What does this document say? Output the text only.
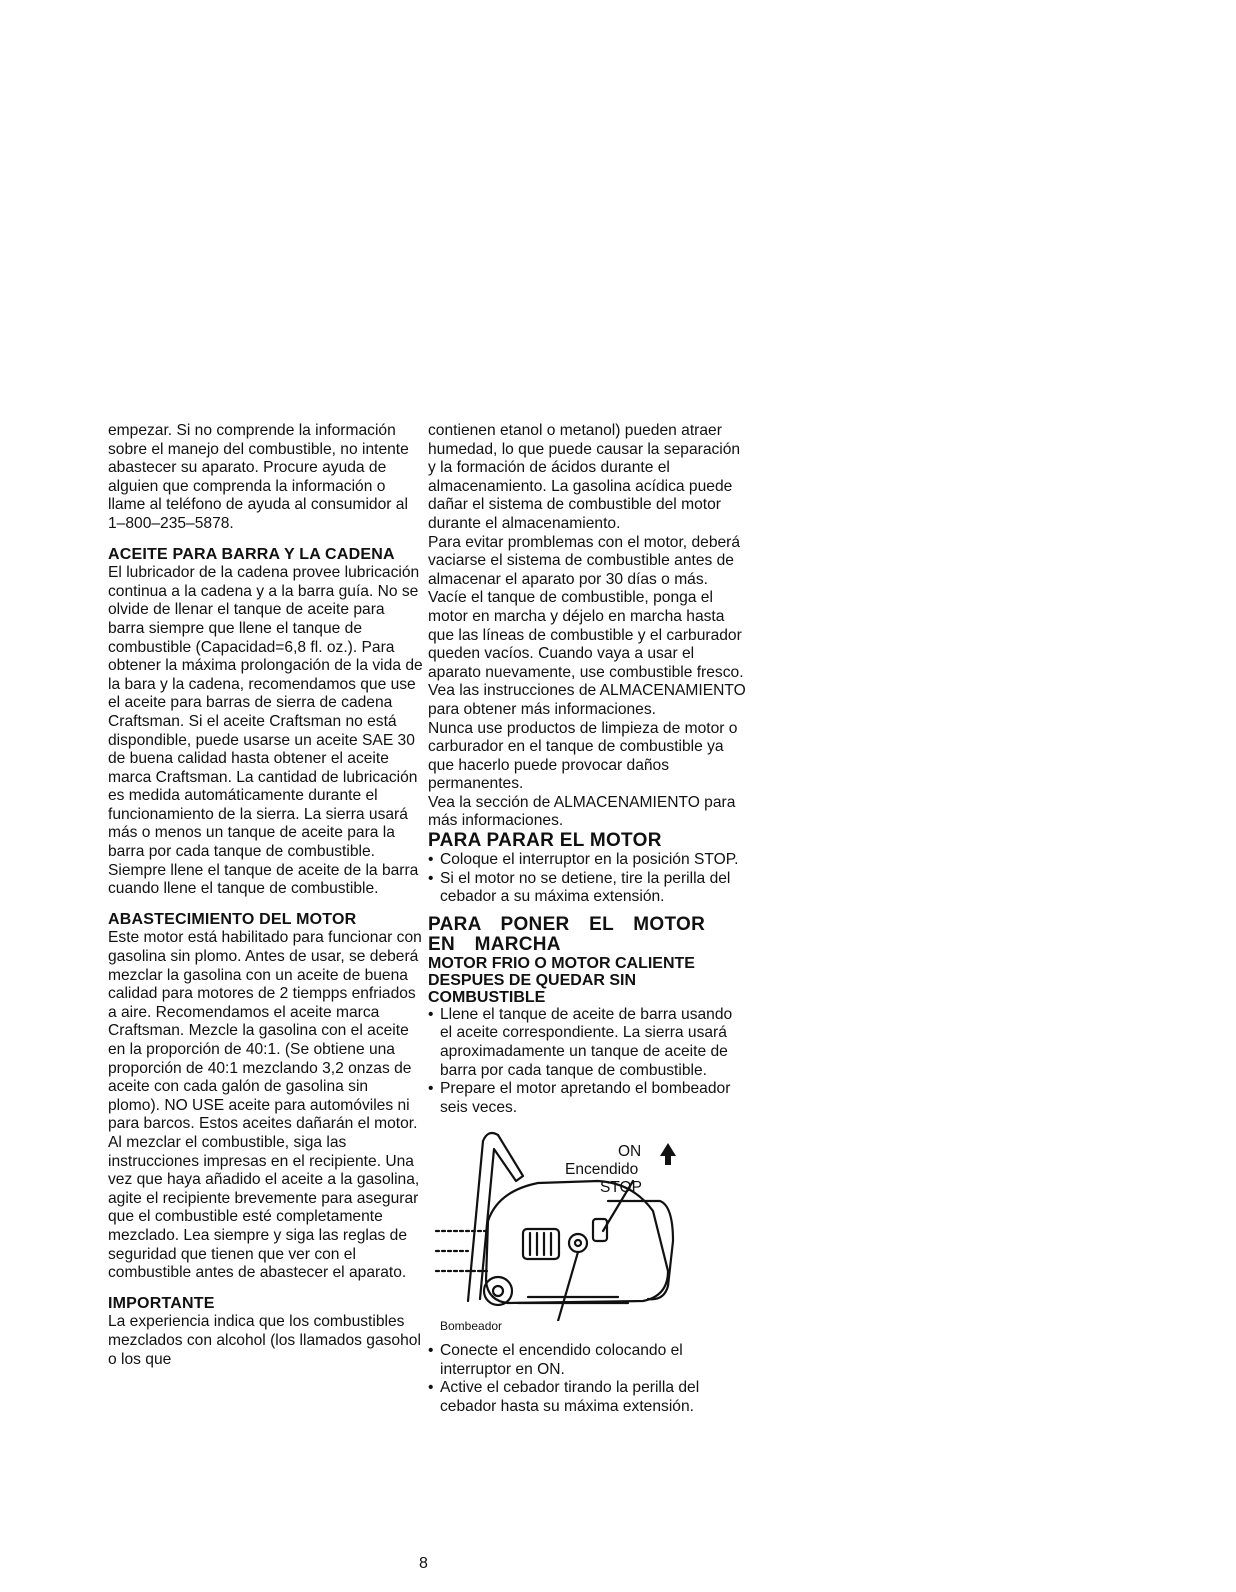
empezar. Si no comprende la información sobre el manejo del combustible, no intente abastecer su aparato. Procure ayuda de alguien que comprenda la información o llame al teléfono de ayuda al consumidor al 1–800–235–5878.

ACEITE PARA BARRA Y LA CADENA

El lubricador de la cadena provee lubricación continua a la cadena y a la barra guía. No se olvide de llenar el tanque de aceite para barra siempre que llene el tanque de combustible (Capacidad=6,8 fl. oz.). Para obtener la máxima prolongación de la vida de la bara y la cadena, recomendamos que use el aceite para barras de sierra de cadena Craftsman. Si el aceite Craftsman no está dispondible, puede usarse un aceite SAE 30 de buena calidad hasta obtener el aceite marca Craftsman. La cantidad de lubricación es medida automáticamente durante el funcionamiento de la sierra. La sierra usará más o menos un tanque de aceite para la barra por cada tanque de combustible. Siempre llene el tanque de aceite de la barra cuando llene el tanque de combustible.

ABASTECIMIENTO DEL MOTOR

Este motor está habilitado para funcionar con gasolina sin plomo. Antes de usar, se deberá mezclar la gasolina con un aceite de buena calidad para motores de 2 tiempps enfriados a aire. Recomendamos el aceite marca Craftsman. Mezcle la gasolina con el aceite en la proporción de 40:1. (Se obtiene una proporción de 40:1 mezclando 3,2 onzas de aceite con cada galón de gasolina sin plomo). NO USE aceite para automóviles ni para barcos. Estos aceites dañarán el motor. Al mezclar el combustible, siga las instrucciones impresas en el recipiente. Una vez que haya añadido el aceite a la gasolina, agite el recipiente brevemente para asegurar que el combustible esté completamente mezclado. Lea siempre y siga las reglas de seguridad que tienen que ver con el combustible antes de abastecer el aparato.

IMPORTANTE

La experiencia indica que los combustibles mezclados con alcohol (los llamados gasohol o los que

contienen etanol o metanol) pueden atraer humedad, lo que puede causar la separación y la formación de ácidos durante el almacenamiento. La gasolina acídica puede dañar el sistema de combustible del motor durante el almacenamiento.

Para evitar promblemas con el motor, deberá vaciarse el sistema de combustible antes de almacenar el aparato por 30 días o más. Vacíe el tanque de combustible, ponga el motor en marcha y déjelo en marcha hasta que las líneas de combustible y el carburador queden vacíos. Cuando vaya a usar el aparato nuevamente, use combustible fresco. Vea las instrucciones de ALMACENAMIENTO para obtener más informaciones.

Nunca use productos de limpieza de motor o carburador en el tanque de combustible ya que hacerlo puede provocar daños permanentes.

Vea la sección de ALMACENAMIENTO para más informaciones.

PARA PARAR EL MOTOR

• Coloque el interruptor en la posición STOP.
• Si el motor no se detiene, tire la perilla del cebador a su máxima extensión.

PARA PONER EL MOTOR EN MARCHA

MOTOR FRIO O MOTOR CALIENTE DESPUES DE QUEDAR SIN COMBUSTIBLE

• Llene el tanque de aceite de barra usando el aceite correspondiente. La sierra usará aproximadamente un tanque de aceite de barra por cada tanque de combustible.
• Prepare el motor apretando el bombeador seis veces.
ON
Encendido
STOP
$^{Bombeador}$
• Conecte el encendido colocando el interruptor en ON.
• Active el cebador tirando la perilla del cebador hasta su máxima extensión.
8
